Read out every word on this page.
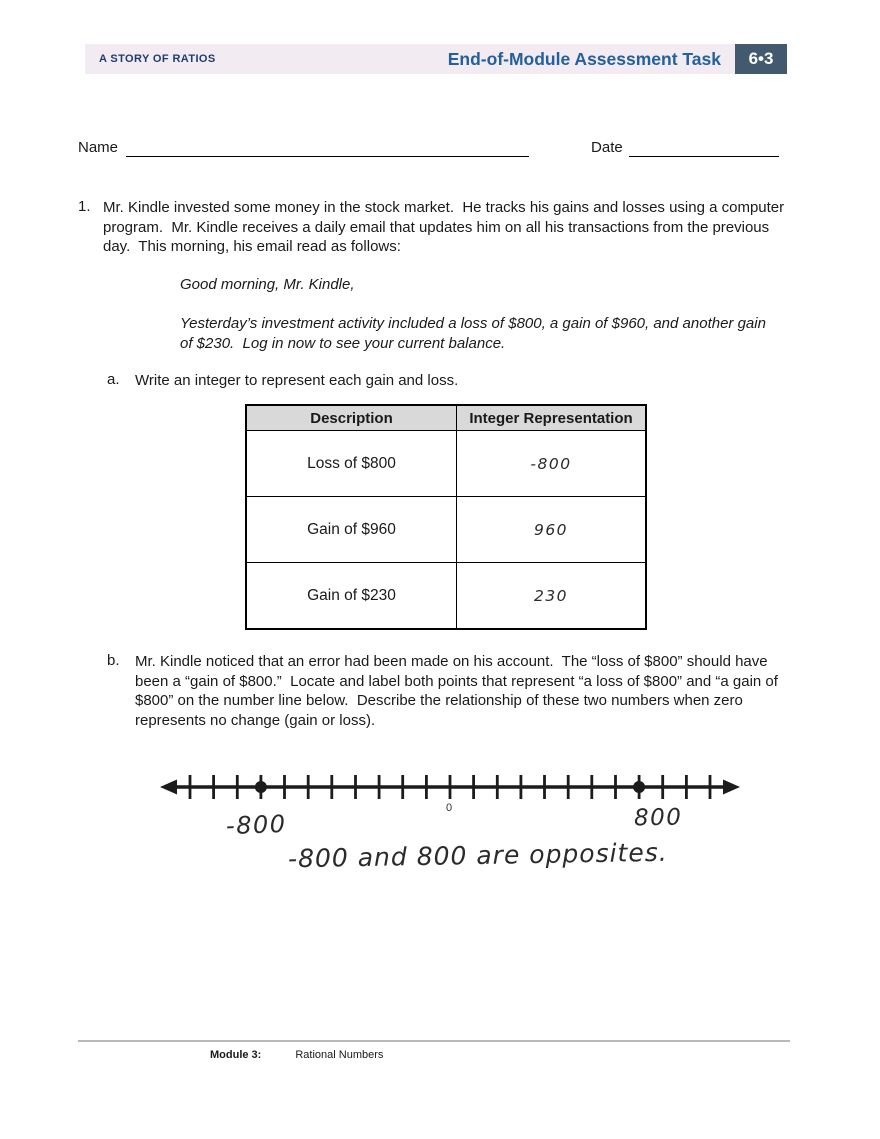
A STORY OF RATIOS	End-of-Module Assessment Task	6•3
Name	Date
1. Mr. Kindle invested some money in the stock market.  He tracks his gains and losses using a computer program.  Mr. Kindle receives a daily email that updates him on all his transactions from the previous day.  This morning, his email read as follows:

Good morning, Mr. Kindle,

Yesterday’s investment activity included a loss of $800, a gain of $960, and another gain of $230.  Log in now to see your current balance.

a.	Write an integer to represent each gain and loss.

Description	Integer Representation
Loss of $800	-800
Gain of $960	960
Gain of $230	230
b.	Mr. Kindle noticed that an error had been made on his account.  The “loss of $800” should have been a “gain of $800.”  Locate and label both points that represent “a loss of $800” and “a gain of $800” on the number line below.  Describe the relationship of these two numbers when zero represents no change (gain or loss).

0
-800	800
-800 and 800 are opposites.
Module 3:	Rational Numbers
